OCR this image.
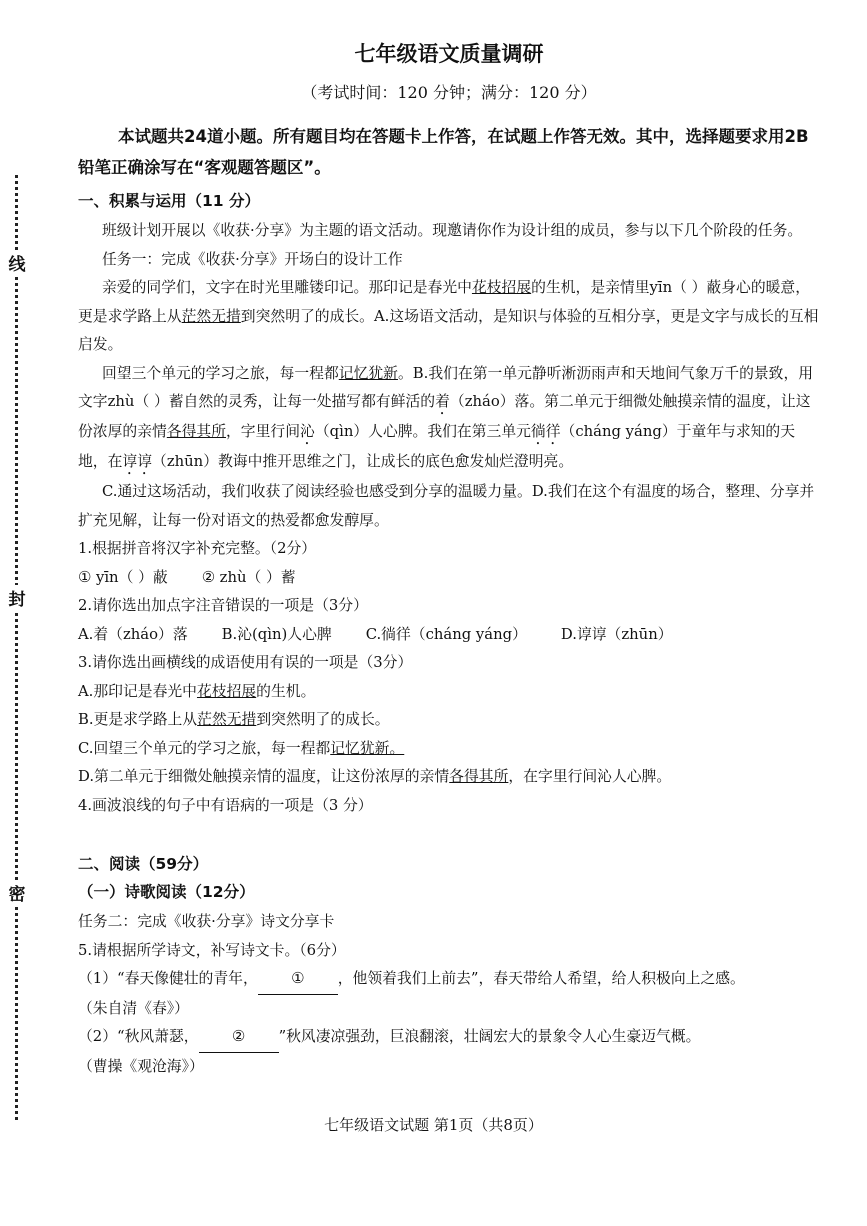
线
封
密
七年级语文质量调研
（考试时间：120 分钟；满分：120 分）
本试题共24道小题。所有题目均在答题卡上作答，在试题上作答无效。其中，选择题要求用2B铅笔正确涂写在“客观题答题区”。
一、积累与运用（11 分）

班级计划开展以《收获·分享》为主题的语文活动。现邀请你作为设计组的成员，参与以下几个阶段的任务。

任务一：完成《收获·分享》开场白的设计工作

亲爱的同学们，文字在时光里雕镂印记。那印记是春光中花枝招展的生机，是亲情里yīn（ ）蔽身心的暖意，更是求学路上从茫然无措到突然明了的成长。A.这场语文活动，是知识与体验的互相分享，更是文字与成长的互相启发。

回望三个单元的学习之旅，每一程都记忆犹新。B.我们在第一单元静听淅沥雨声和天地间气象万千的景致，用文字zhù（ ）蓄自然的灵秀，让每一处描写都有鲜活的着（zháo）落。第二单元于细微处触摸亲情的温度，让这份浓厚的亲情各得其所，字里行间沁（qìn）人心脾。我们在第三单元徜徉（cháng yáng）于童年与求知的天地，在谆谆（zhūn）教诲中推开思维之门，让成长的底色愈发灿烂澄明亮。

C.通过这场活动，我们收获了阅读经验也感受到分享的温暖力量。D.我们在这个有温度的场合，整理、分享并扩充见解，让每一份对语文的热爱都愈发醇厚。

1.根据拼音将汉字补充完整。（2分）

① yīn（ ）蔽 ② zhù（ ）蓄

2.请你选出加点字注音错误的一项是（3分）

A.着（zháo）落 B.沁(qìn)人心脾 C.徜徉（cháng yáng） D.谆谆（zhūn）

3.请你选出画横线的成语使用有误的一项是（3分）

A.那印记是春光中花枝招展的生机。

B.更是求学路上从茫然无措到突然明了的成长。

C.回望三个单元的学习之旅，每一程都记忆犹新。

D.第二单元于细微处触摸亲情的温度，让这份浓厚的亲情各得其所，在字里行间沁人心脾。

4.画波浪线的句子中有语病的一项是（3 分）

二、阅读（59分）
（一）诗歌阅读（12分）

任务二：完成《收获·分享》诗文分享卡

5.请根据所学诗文，补写诗文卡。（6分）

（1）“春天像健壮的青年， ① ，他领着我们上前去”，春天带给人希望，给人积极向上之感。

（朱自清《春》）

（2）“秋风萧瑟， ② ”秋风凄凉强劲，巨浪翻滚，壮阔宏大的景象令人心生豪迈气概。

（曹操《观沧海》）

七年级语文试题 第1页（共8页）
